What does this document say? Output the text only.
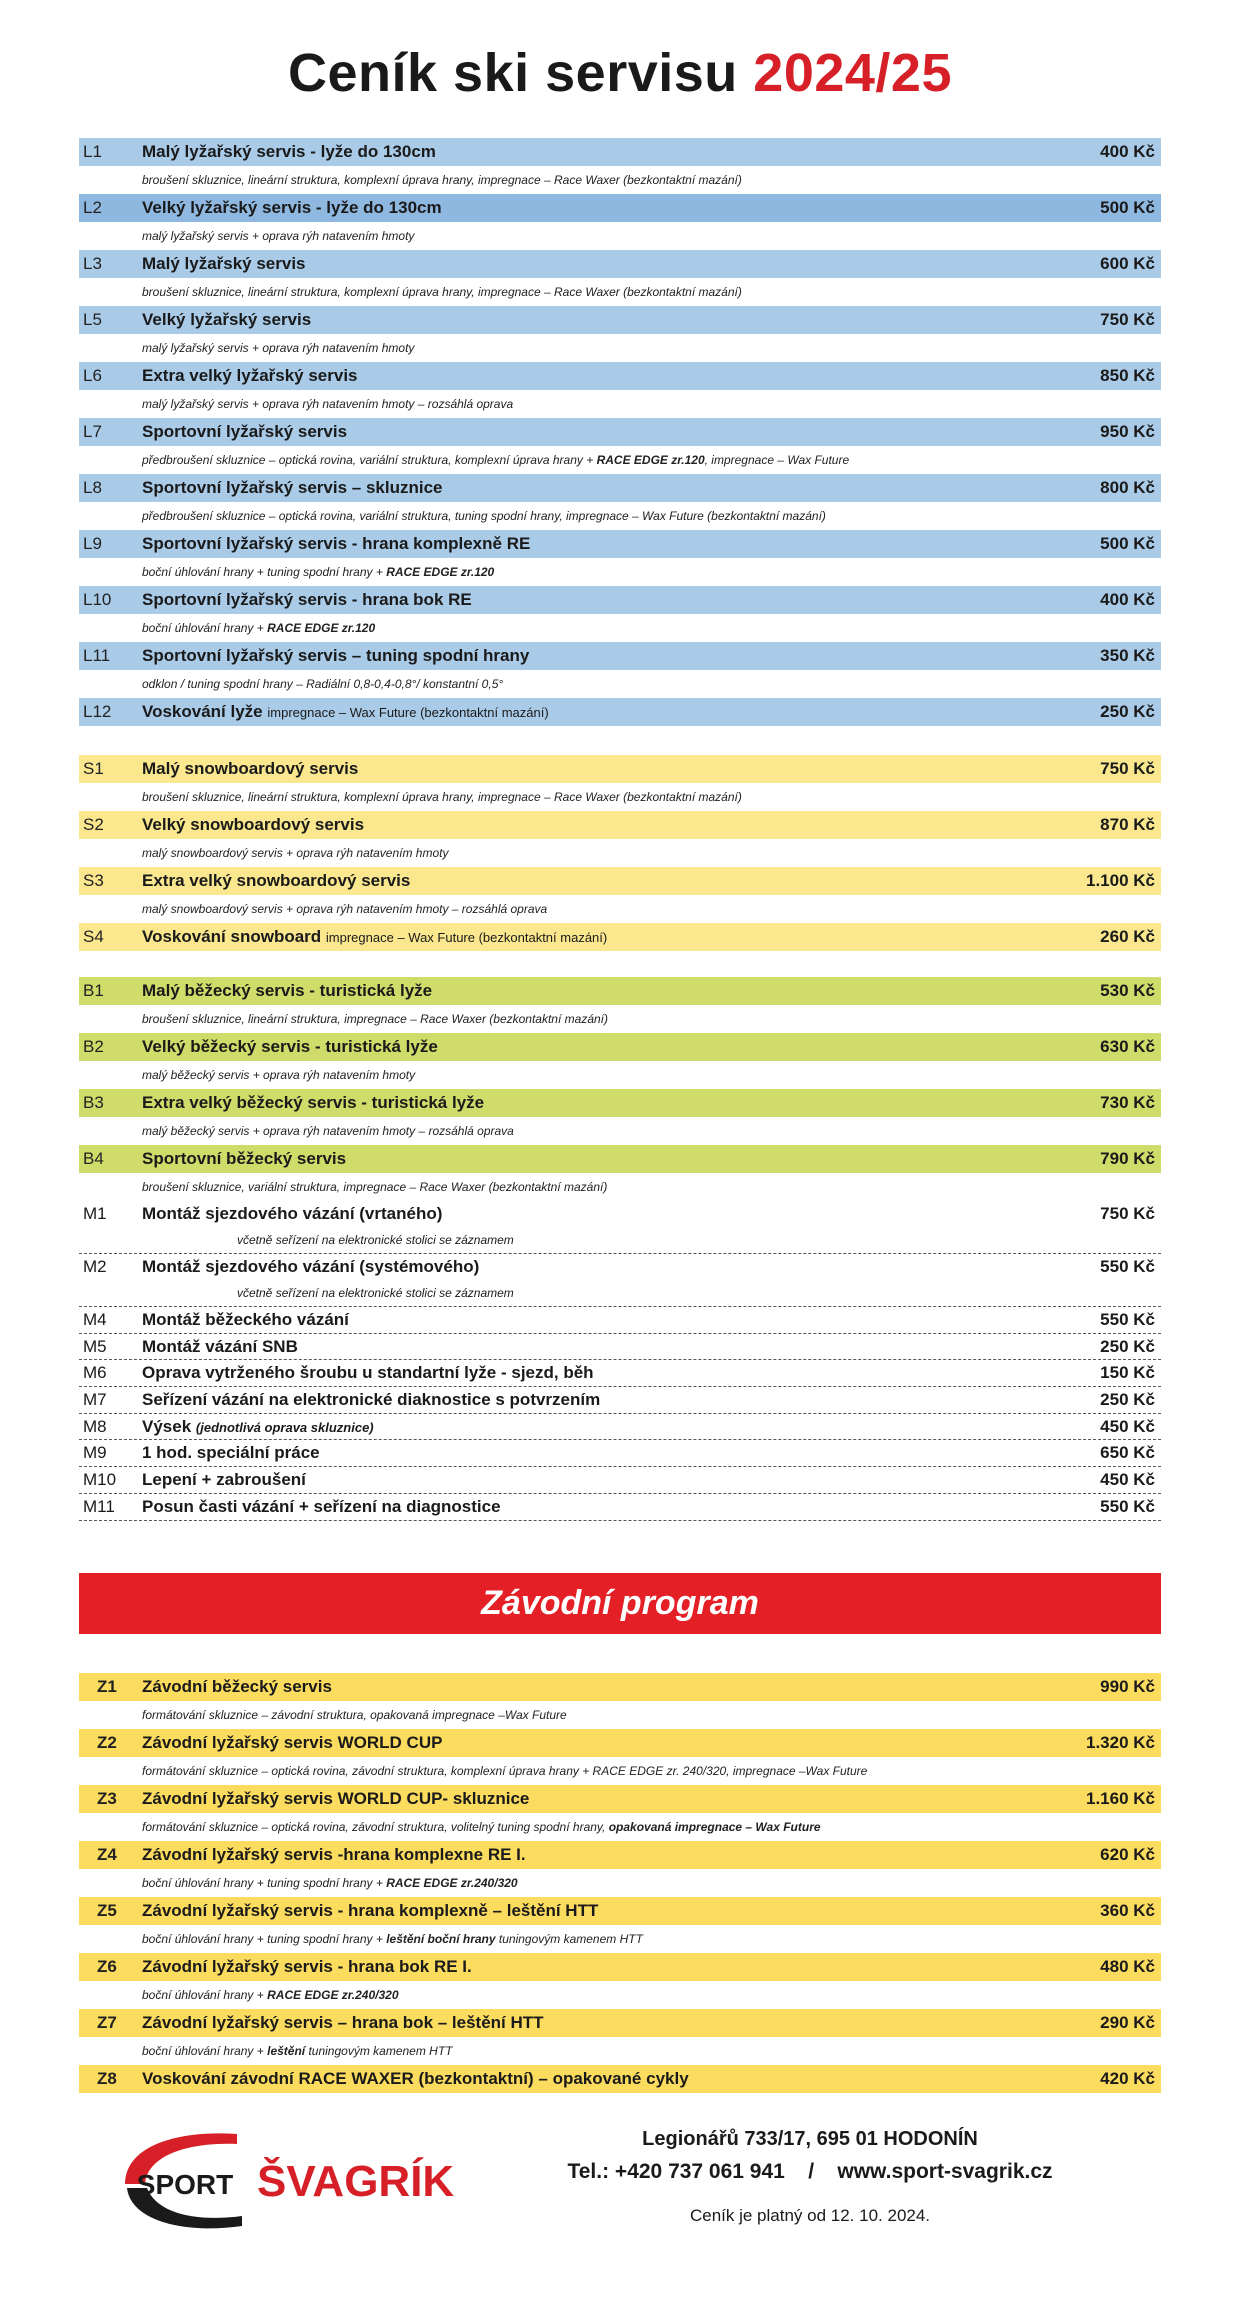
Ceník ski servisu 2024/25
L1 Malý lyžařský servis - lyže do 130cm	400 Kč
broušení skluznice, lineární struktura, komplexní úprava hrany, impregnace – Race Waxer (bezkontaktní mazání)
L2 Velký lyžařský servis - lyže do 130cm	500 Kč
malý lyžařský servis + oprava rýh natavením hmoty
L3 Malý lyžařský servis	600 Kč
broušení skluznice, lineární struktura, komplexní úprava hrany, impregnace – Race Waxer (bezkontaktní mazání)
L5 Velký lyžařský servis	750 Kč
malý lyžařský servis + oprava rýh natavením hmoty
L6 Extra velký lyžařský servis	850 Kč
malý lyžařský servis + oprava rýh natavením hmoty – rozsáhlá oprava
L7 Sportovní lyžařský servis	950 Kč
předbroušení skluznice – optická rovina, variální struktura, komplexní úprava hrany + RACE EDGE zr.120, impregnace – Wax Future
L8 Sportovní lyžařský servis – skluznice	800 Kč
předbroušení skluznice – optická rovina, variální struktura, tuning spodní hrany, impregnace – Wax Future (bezkontaktní mazání)
L9 Sportovní lyžařský servis - hrana komplexně RE	500 Kč
boční úhlování hrany + tuning spodní hrany + RACE EDGE zr.120
L10 Sportovní lyžařský servis - hrana bok RE	400 Kč
boční úhlování hrany + RACE EDGE zr.120
L11 Sportovní lyžařský servis – tuning spodní hrany	350 Kč
odklon / tuning spodní hrany – Radiální 0,8-0,4-0,8°/ konstantní 0,5°
L12 Voskování lyže impregnace – Wax Future (bezkontaktní mazání)	250 Kč
S1 Malý snowboardový servis	750 Kč
broušení skluznice, lineární struktura, komplexní úprava hrany, impregnace – Race Waxer (bezkontaktní mazání)
S2 Velký snowboardový servis	870 Kč
malý snowboardový servis + oprava rýh natavením hmoty
S3 Extra velký snowboardový servis	1.100 Kč
malý snowboardový servis + oprava rýh natavením hmoty – rozsáhlá oprava
S4 Voskování snowboard impregnace – Wax Future (bezkontaktní mazání)	260 Kč
B1 Malý běžecký servis - turistická lyže	530 Kč
broušení skluznice, lineární struktura, impregnace – Race Waxer (bezkontaktní mazání)
B2 Velký běžecký servis - turistická lyže	630 Kč
malý běžecký servis + oprava rýh natavením hmoty
B3 Extra velký běžecký servis - turistická lyže	730 Kč
malý běžecký servis + oprava rýh natavením hmoty – rozsáhlá oprava
B4 Sportovní běžecký servis	790 Kč
broušení skluznice, variální struktura, impregnace – Race Waxer (bezkontaktní mazání)
M1 Montáž sjezdového vázání (vrtaného)	750 Kč
včetně seřízení na elektronické stolici se záznamem
M2 Montáž sjezdového vázání (systémového)	550 Kč
včetně seřízení na elektronické stolici se záznamem
M4 Montáž běžeckého vázání	550 Kč
M5 Montáž vázání SNB	250 Kč
M6 Oprava vytrženého šroubu u standartní lyže - sjezd, běh	150 Kč
M7 Seřízení vázání na elektronické diaknostice s potvrzením	250 Kč
M8 Výsek (jednotlivá oprava skluznice)	450 Kč
M9 1 hod. speciální práce	650 Kč
M10 Lepení + zabroušení	450 Kč
M11 Posun časti vázání + seřízení na diagnostice	550 Kč
Závodní program
Z1 Závodní běžecký servis	990 Kč
formátování skluznice – závodní struktura, opakovaná impregnace –Wax Future
Z2 Závodní lyžařský servis WORLD CUP	1.320 Kč
formátování skluznice – optická rovina, závodní struktura, komplexní úprava hrany + RACE EDGE zr. 240/320, impregnace –Wax Future
Z3 Závodní lyžařský servis WORLD CUP- skluznice	1.160 Kč
formátování skluznice – optická rovina, závodní struktura, volitelný tuning spodní hrany, opakovaná impregnace – Wax Future
Z4 Závodní lyžařský servis -hrana komplexne RE I.	620 Kč
boční úhlování hrany + tuning spodní hrany + RACE EDGE zr.240/320
Z5 Závodní lyžařský servis - hrana komplexně – leštění HTT	360 Kč
boční úhlování hrany + tuning spodní hrany + leštění boční hrany tuningovým kamenem HTT
Z6 Závodní lyžařský servis - hrana bok RE I.	480 Kč
boční úhlování hrany + RACE EDGE zr.240/320
Z7 Závodní lyžařský servis – hrana bok – leštění HTT	290 Kč
boční úhlování hrany + leštění tuningovým kamenem HTT
Z8 Voskování závodní RACE WAXER (bezkontaktní) – opakované cykly	420 Kč
SPORT ŠVAGRÍK
Legionářů 733/17, 695 01 HODONÍN
Tel.: +420 737 061 941 / www.sport-svagrik.cz
Ceník je platný od 12. 10. 2024.
